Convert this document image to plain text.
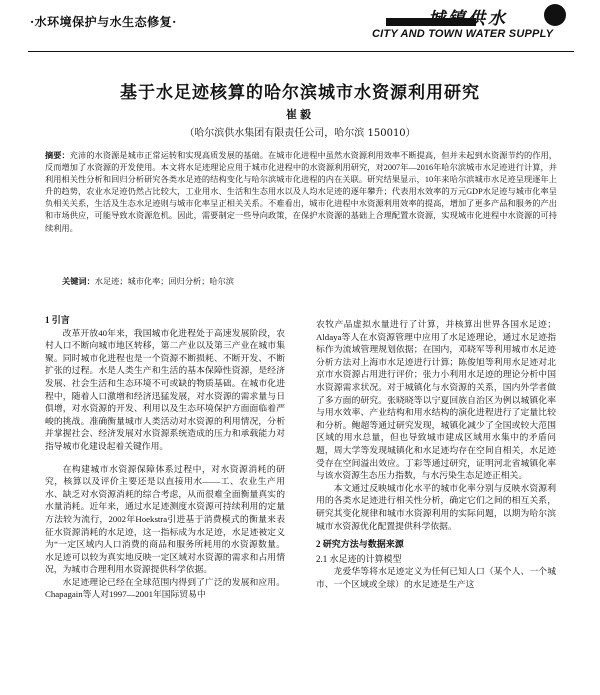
·水环境保护与水生态修复·	城镇供水
CITY AND TOWN WATER SUPPLY
基于水足迹核算的哈尔滨城市水资源利用研究
崔毅
（哈尔滨供水集团有限责任公司，哈尔滨 150010）
摘要：充沛的水资源是城市正常运转和实现高质发展的基础。在城市化进程中虽然水资源利用效率不断提高，但并未起到水资源节约的作用，反而增加了水资源的开发使用。本文将水足迹理论应用于城市化进程中的水资源利用研究，对2007年—2016年哈尔滨城市水足迹进行计算，并利用相关性分析和回归分析研究各类水足迹的结构变化与哈尔滨城市化进程的内在关联。研究结果显示，10年来哈尔滨城市水足迹呈现逐年上升的趋势，农业水足迹仍然占比较大，工业用水、生活和生态用水以及人均水足迹的逐年攀升；代表用水效率的万元GDP水足迹与城市化率呈负相关关系，生活及生态水足迹则与城市化率呈正相关关系。不难看出，城市化进程中水资源利用效率的提高，增加了更多产品和服务的产出和市场供应，可能导致水资源危机。因此，需要制定一些导向政策，在保护水资源的基础上合理配置水资源，实现城市化进程中水资源的可持续利用。
关键词：水足迹；城市化率；回归分析；哈尔滨

1 引言

改革开放40年来，我国城市化进程处于高速发展阶段，农村人口不断向城市地区转移，第二产业以及第三产业在城市集聚。同时城市化进程也是一个资源不断损耗、不断开发、不断扩张的过程。水是人类生产和生活的基本保障性资源，是经济发展、社会生活和生态环境不可或缺的物质基础。在城市化进程中，随着人口激增和经济迅猛发展，对水资源的需求量与日俱增，对水资源的开发、利用以及生态环境保护方面面临着严峻的挑战。准确衡量城市人类活动对水资源的利用情况，分析并掌握社会、经济发展对水资源系统造成的压力和承载能力对指导城市化建设起着关键作用。

在构建城市水资源保障体系过程中，对水资源消耗的研究，核算以及评价主要还是以直接用水——工、农业生产用水、缺乏对水资源消耗的综合考虑，从而很难全面衡量真实的水量消耗。近年来，通过水足迹测度水资源可持续利用的定量方法较为流行，2002年Hoekstra引进基于消费模式的衡量来表征水资源消耗的水足迹，这一指标成为水足迹，水足迹被定义为“一定区域内人口消费的商品和服务所耗用的水资源数量。水足迹可以较为真实地反映一定区域对水资源的需求和占用情况，为城市合理利用水资源提供科学依据。

水足迹理论已经在全球范围内得到了广泛的发展和应用。Chapagain等人对1997—2001年国际贸易中

农牧产品虚拟水量进行了计算，并核算出世界各国水足迹；Aldaya等人在水资源管理中应用了水足迹理论，通过水足迹指标作为流域管理规划依据；在国内，邓晓军等利用城市水足迹分析方法对上海市水足迹进行计算；陈俊旭等利用水足迹对北京市水资源占用进行评价；张力小利用水足迹的理论分析中国水资源需求状况。对于城镇化与水资源的关系，国内外学者做了多方面的研究。张晓晓等以宁夏回族自治区为例以城镇化率与用水效率、产业结构和用水结构的演化进程进行了定量比较和分析。鲍超等通过研究发现，城镇化减少了全国或较大范围区域的用水总量，但也导致城市建成区域用水集中的矛盾问题，周大学等发现城镇化和水足迹均存在空间自相关，水足迹受存在空间溢出效应。丁彩等通过研究，证明河北省城镇化率与该水资源生态压力指数，与水污染生态足迹正相关。

本文通过反映城市化水平的城市化率分别与反映水资源利用的各类水足迹进行相关性分析，确定它们之间的相互关系，研究其变化规律和城市水资源利用的实际问题，以期为哈尔滨城市水资源优化配置提供科学依据。

2 研究方法与数据来源

2.1 水足迹的计算模型

龙爱华等将水足迹定义为任何已知人口（某个人、一个城市、一个区域或全球）的水足迹是生产这
